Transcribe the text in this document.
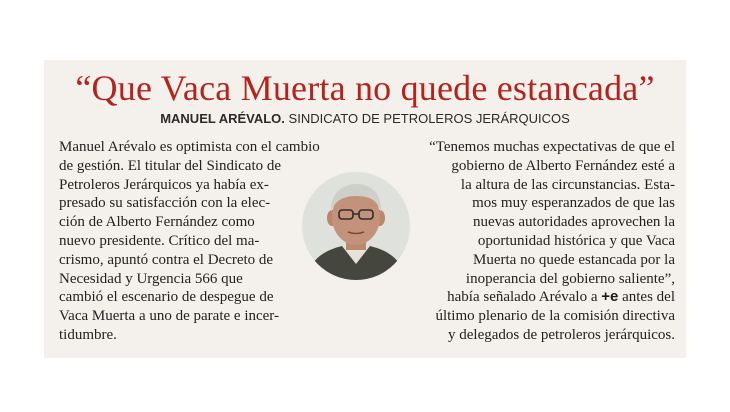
“Que Vaca Muerta no quede estancada”
MANUEL ARÉVALO. SINDICATO DE PETROLEROS JERÁRQUICOS
Manuel Arévalo es optimista con el cambio
de gestión. El titular del Sindicato de
Petroleros Jerárquicos ya había ex-
presado su satisfacción con la elec-
ción de Alberto Fernández como
nuevo presidente. Crítico del ma-
crismo, apuntó contra el Decreto de
Necesidad y Urgencia 566 que
cambió el escenario de despegue de
Vaca Muerta a uno de parate e incer-
tidumbre.
“Tenemos muchas expectativas de que el
gobierno de Alberto Fernández esté a
la altura de las circunstancias. Esta-
mos muy esperanzados de que las
nuevas autoridades aprovechen la
oportunidad histórica y que Vaca
Muerta no quede estancada por la
inoperancia del gobierno saliente”,
había señalado Arévalo a +e antes del
último plenario de la comisión directiva
y delegados de petroleros jerárquicos.
